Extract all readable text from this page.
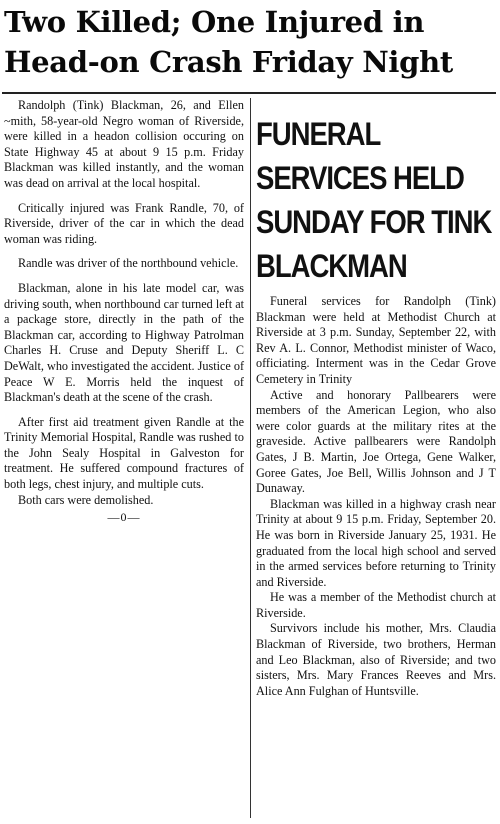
Two Killed; One Injured in Head-on Crash Friday Night

Randolph (Tink) Blackman, 26, and Ellen ~mith, 58-year-old Negro woman of Riverside, were killed in a headon collision occuring on State Highway 45 at about 9 15 p.m. Friday Blackman was killed instantly, and the woman was dead on arrival at the local hospital.

Critically injured was Frank Randle, 70, of Riverside, driver of the car in which the dead woman was riding.

Randle was driver of the northbound vehicle.

Blackman, alone in his late model car, was driving south, when northbound car turned left at a package store, directly in the path of the Blackman car, according to Highway Patrolman Charles H. Cruse and Deputy Sheriff L. C DeWalt, who investigated the accident. Justice of Peace W E. Morris held the inquest of Blackman's death at the scene of the crash.

After first aid treatment given Randle at the Trinity Memorial Hospital, Randle was rushed to the John Sealy Hospital in Galveston for treatment. He suffered compound fractures of both legs, chest injury, and multiple cuts.

Both cars were demolished.

—0—
FUNERAL SERVICES HELD SUNDAY FOR TINK BLACKMAN

Funeral services for Randolph (Tink) Blackman were held at Methodist Church at Riverside at 3 p.m. Sunday, September 22, with Rev A. L. Connor, Methodist minister of Waco, officiating. Interment was in the Cedar Grove Cemetery in Trinity

Active and honorary Pallbearers were members of the American Legion, who also were color guards at the military rites at the graveside. Active pallbearers were Randolph Gates, J B. Martin, Joe Ortega, Gene Walker, Goree Gates, Joe Bell, Willis Johnson and J T Dunaway.

Blackman was killed in a highway crash near Trinity at about 9 15 p.m. Friday, September 20. He was born in Riverside January 25, 1931. He graduated from the local high school and served in the armed services before returning to Trinity and Riverside.

He was a member of the Methodist church at Riverside.

Survivors include his mother, Mrs. Claudia Blackman of Riverside, two brothers, Herman and Leo Blackman, also of Riverside; and two sisters, Mrs. Mary Frances Reeves and Mrs. Alice Ann Fulghan of Huntsville.
